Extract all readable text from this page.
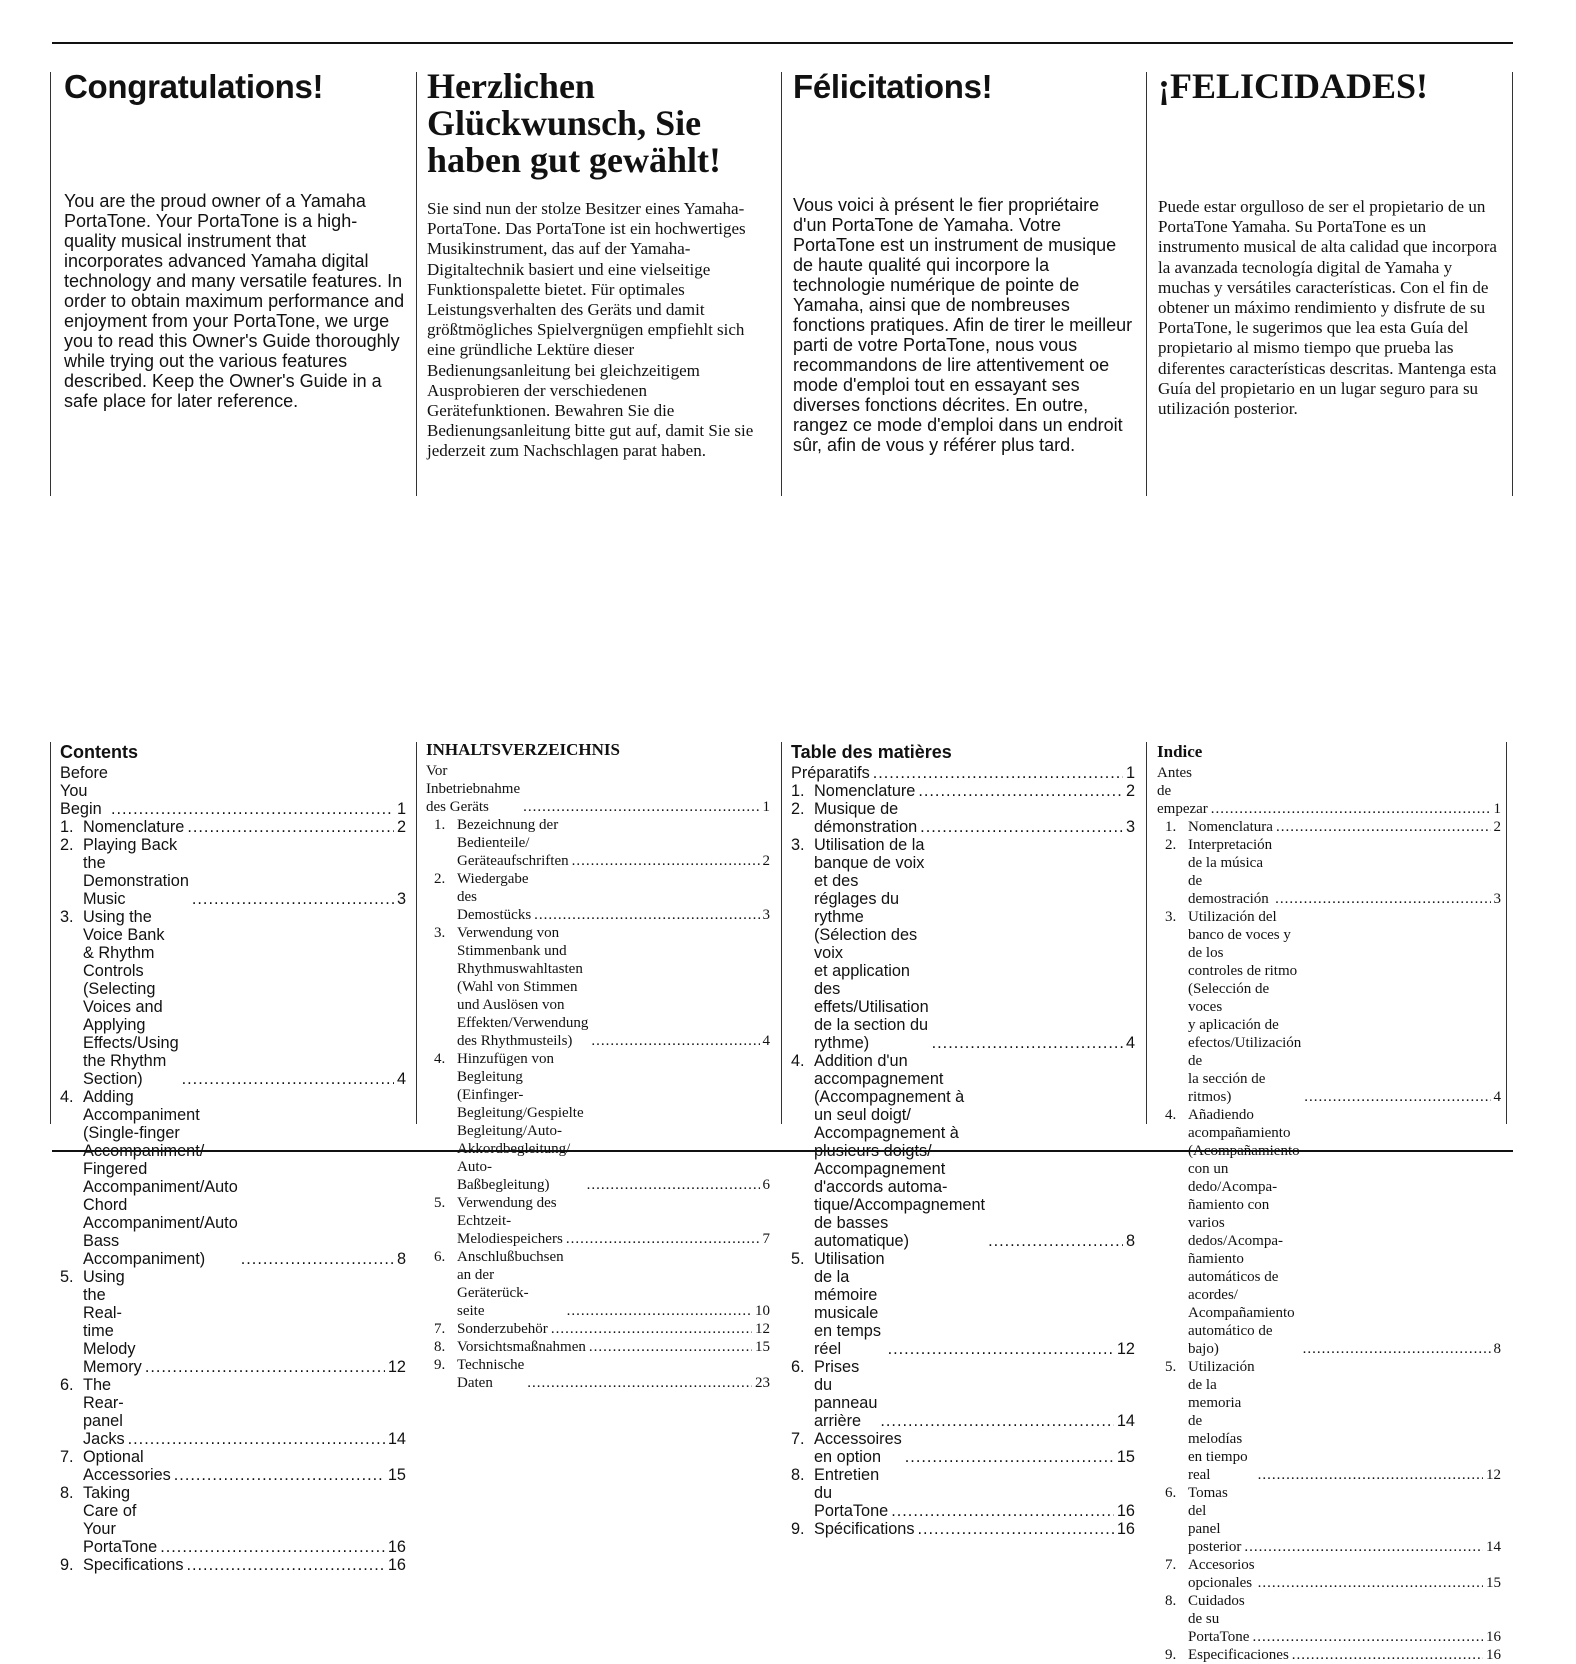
Congratulations!

You are the proud owner of a Yamaha PortaTone. Your PortaTone is a high-quality musical instrument that incorporates advanced Yamaha digital technology and many versatile features. In order to obtain maximum performance and enjoyment from your PortaTone, we urge you to read this Owner's Guide thoroughly while trying out the various features described. Keep the Owner's Guide in a safe place for later reference.

Herzlichen Glückwunsch, Sie haben gut gewählt!

Sie sind nun der stolze Besitzer eines Yamaha-PortaTone. Das PortaTone ist ein hochwertiges Musikinstrument, das auf der Yamaha-Digitaltechnik basiert und eine vielseitige Funktionspalette bietet. Für optimales Leistungsverhalten des Geräts und damit größtmögliches Spielvergnügen empfiehlt sich eine gründliche Lektüre dieser Bedienungsanleitung bei gleichzeitigem Ausprobieren der verschiedenen Gerätefunktionen. Bewahren Sie die Bedienungsanleitung bitte gut auf, damit Sie sie jederzeit zum Nachschlagen parat haben.

Félicitations!

Vous voici à présent le fier propriétaire d'un PortaTone de Yamaha. Votre PortaTone est un instrument de musique de haute qualité qui incorpore la technologie numérique de pointe de Yamaha, ainsi que de nombreuses fonctions pratiques. Afin de tirer le meilleur parti de votre PortaTone, nous vous recommandons de lire attentivement oe mode d'emploi tout en essayant ses diverses fonctions décrites. En outre, rangez ce mode d'emploi dans un endroit sûr, afin de vous y référer plus tard.

¡FELICIDADES!

Puede estar orgulloso de ser el propietario de un PortaTone Yamaha. Su PortaTone es un instrumento musical de alta calidad que incorpora la avanzada tecnología digital de Yamaha y muchas y versátiles características. Con el fin de obtener un máximo rendimiento y disfrute de su PortaTone, le sugerimos que lea esta Guía del propietario al mismo tiempo que prueba las diferentes características descritas. Mantenga esta Guía del propietario en un lugar seguro para su utilización posterior.

Contents
Before You Begin .....	1
1. Nomenclature .....	2
2. Playing Back the Demonstration
Music .....	3
3. Using the Voice Bank & Rhythm
Controls (Selecting Voices and
Applying Effects/Using the Rhythm
Section) .....	4
4. Adding Accompaniment
(Single-finger Accompaniment/
Fingered Accompaniment/Auto
Chord Accompaniment/Auto Bass
Accompaniment) .....	8
5. Using the Real-time Melody
Memory .....	12
6. The Rear-panel Jacks .....	14
7. Optional Accessories .....	15
8. Taking Care of Your PortaTone .....	16
9. Specifications .....	16
INHALTSVERZEICHNIS
Vor Inbetriebnahme des Geräts .....	1
1. Bezeichnung der Bedienteile/
Geräteaufschriften .....	2
2. Wiedergabe des Demostücks .....	3
3. Verwendung von Stimmenbank und
Rhythmuswahltasten (Wahl von Stimmen
und Auslösen von Effekten/Verwendung
des Rhythmusteils) .....	4
4. Hinzufügen von Begleitung
(Einfinger-Begleitung/Gespielte
Begleitung/Auto-Akkordbegleitung/
Auto-Baßbegleitung) .....	6
5. Verwendung des Echtzeit-
Melodiespeichers .....	7
6. Anschlußbuchsen an der Geräterück-
seite .....	10
7. Sonderzubehör .....	12
8. Vorsichtsmaßnahmen .....	15
9. Technische Daten .....	23
Table des matières
Préparatifs .....	1
1. Nomenclature .....	2
2. Musique de démonstration .....	3
3. Utilisation de la banque de voix et des
réglages du rythme (Sélection des voix
et application des effets/Utilisation
de la section du rythme) .....	4
4. Addition d'un accompagnement
(Accompagnement à un seul doigt/
Accompagnement à plusieurs doigts/
Accompagnement d'accords automa-
tique/Accompagnement de basses
automatique) .....	8
5. Utilisation de la mémoire musicale
en temps réel .....	12
6. Prises du panneau arrière .....	14
7. Accessoires en option .....	15
8. Entretien du PortaTone .....	16
9. Spécifications .....	16
Indice
Antes de empezar .....	1
1. Nomenclatura .....	2
2. Interpretación de la música de
demostración .....	3
3. Utilización del banco de voces y de los
controles de ritmo (Selección de voces
y aplicación de efectos/Utilización de
la sección de ritmos) .....	4
4. Añadiendo acompañamiento
(Acompañamiento con un dedo/Acompa-
ñamiento con varios dedos/Acompa-
ñamiento automáticos de acordes/
Acompañamiento automático de
bajo) .....	8
5. Utilización de la memoria de melodías
en tiempo real .....	12
6. Tomas del panel posterior .....	14
7. Accesorios opcionales .....	15
8. Cuidados de su PortaTone .....	16
9. Especificaciones .....	16
